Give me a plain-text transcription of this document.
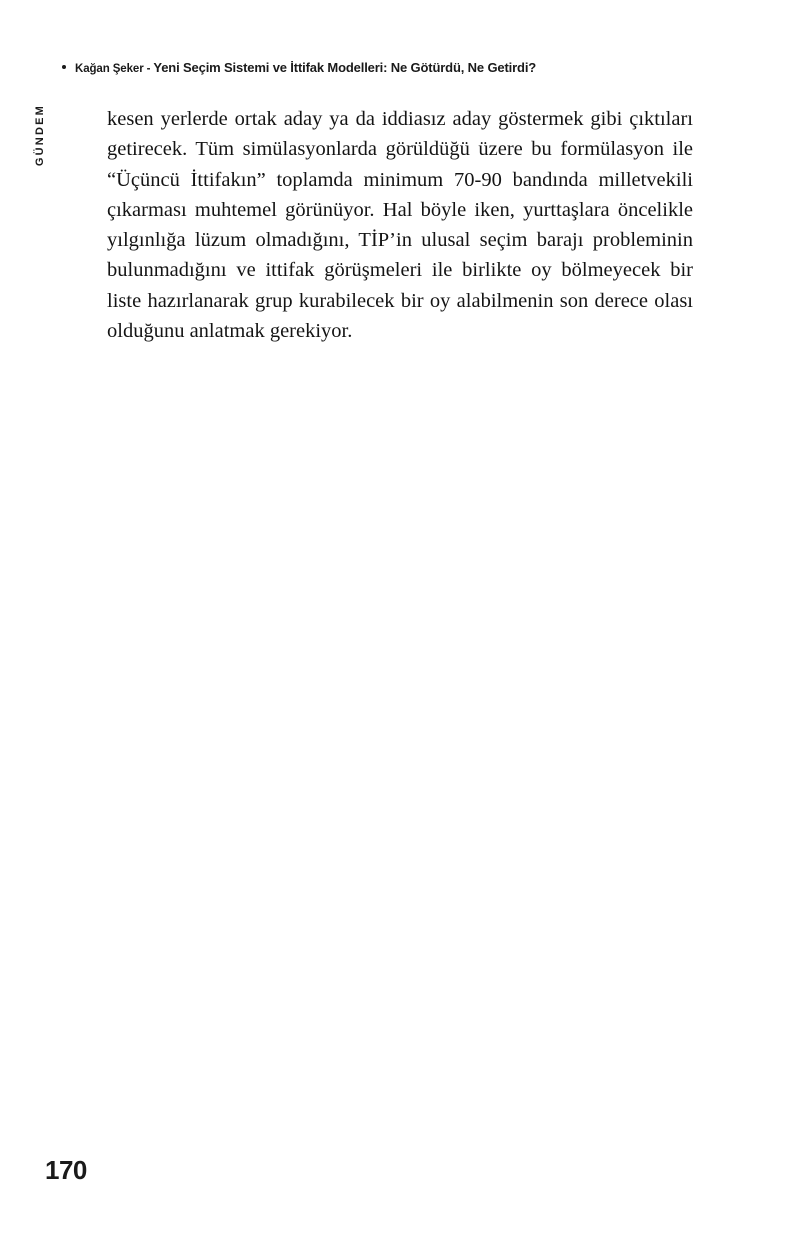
Kağan Şeker - Yeni Seçim Sistemi ve İttifak Modelleri: Ne Götürdü, Ne Getirdi?
GÜNDEM	kesen yerlerde ortak aday ya da iddiasız aday göstermek gibi çıktıları getirecek. Tüm simülasyonlarda görüldüğü üzere bu formülasyon ile “Üçüncü İttifakın” toplamda minimum 70-90 bandında milletvekili çıkarması muhtemel görünüyor. Hal böyle iken, yurttaşlara öncelikle yılgınlığa lüzum olmadığını, TİP’in ulusal seçim barajı probleminin bulunmadığını ve ittifak görüşmeleri ile birlikte oy bölmeyecek bir liste hazırlanarak grup kurabilecek bir oy alabilmenin son derece olası olduğunu anlatmak gerekiyor.

170
